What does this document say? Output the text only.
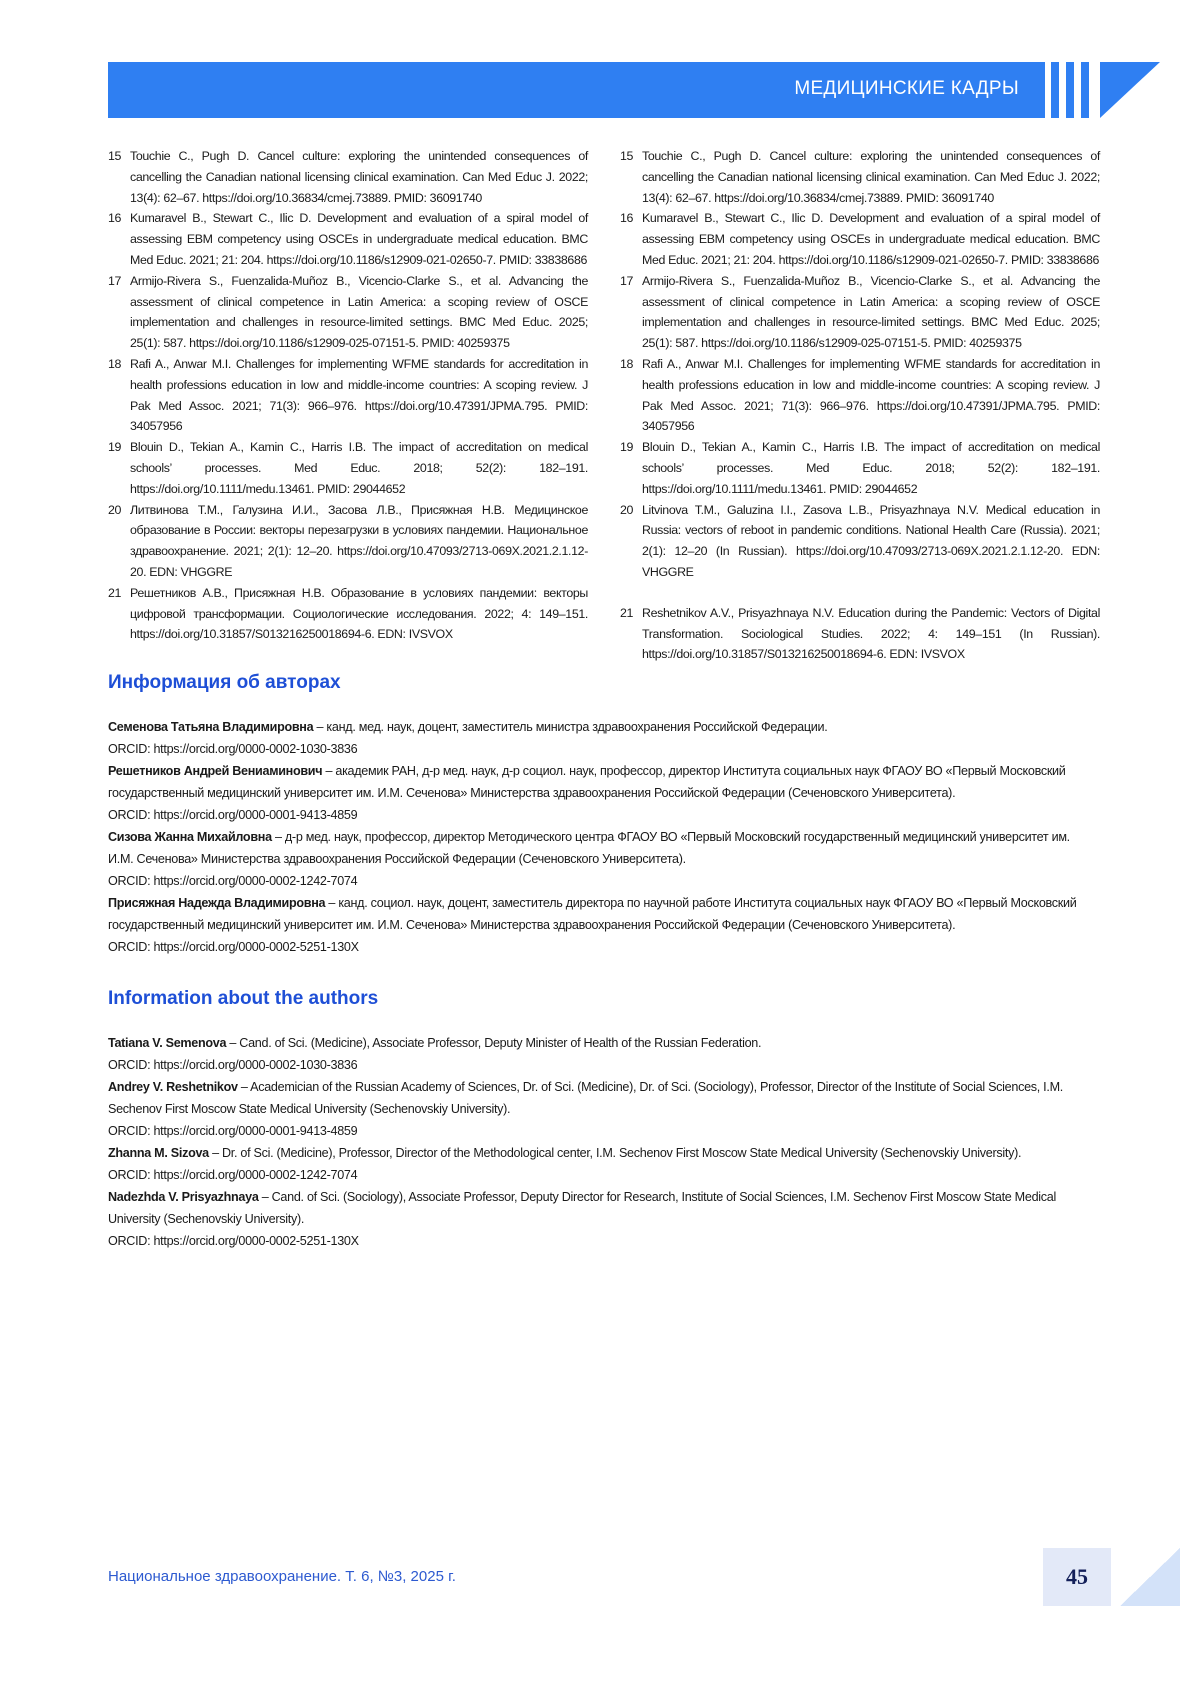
МЕДИЦИНСКИЕ КАДРЫ
15 Touchie C., Pugh D. Cancel culture: exploring the unintended consequences of cancelling the Canadian national licensing clinical examination. Can Med Educ J. 2022; 13(4): 62–67. https://doi.org/10.36834/cmej.73889. PMID: 36091740
16 Kumaravel B., Stewart C., Ilic D. Development and evaluation of a spiral model of assessing EBM competency using OSCEs in undergraduate medical education. BMC Med Educ. 2021; 21: 204. https://doi.org/10.1186/s12909-021-02650-7. PMID: 33838686
17 Armijo-Rivera S., Fuenzalida-Muñoz B., Vicencio-Clarke S., et al. Advancing the assessment of clinical competence in Latin America: a scoping review of OSCE implementation and challenges in resource-limited settings. BMC Med Educ. 2025; 25(1): 587. https://doi.org/10.1186/s12909-025-07151-5. PMID: 40259375
18 Rafi A., Anwar M.I. Challenges for implementing WFME standards for accreditation in health professions education in low and middle-income countries: A scoping review. J Pak Med Assoc. 2021; 71(3): 966–976. https://doi.org/10.47391/JPMA.795. PMID: 34057956
19 Blouin D., Tekian A., Kamin C., Harris I.B. The impact of accreditation on medical schools’ processes. Med Educ. 2018; 52(2): 182–191. https://doi.org/10.1111/medu.13461. PMID: 29044652
20 Литвинова Т.М., Галузина И.И., Засова Л.В., Присяжная Н.В. Медицинское образование в России: векторы перезагрузки в условиях пандемии. Национальное здравоохранение. 2021; 2(1): 12–20. https://doi.org/10.47093/2713-069X.2021.2.1.12-20. EDN: VHGGRE
21 Решетников А.В., Присяжная Н.В. Образование в условиях пандемии: векторы цифровой трансформации. Социологические исследования. 2022; 4: 149–151. https://doi.org/10.31857/S013216250018694-6. EDN: IVSVOX
15 Touchie C., Pugh D. Cancel culture: exploring the unintended consequences of cancelling the Canadian national licensing clinical examination. Can Med Educ J. 2022; 13(4): 62–67. https://doi.org/10.36834/cmej.73889. PMID: 36091740
16 Kumaravel B., Stewart C., Ilic D. Development and evaluation of a spiral model of assessing EBM competency using OSCEs in undergraduate medical education. BMC Med Educ. 2021; 21: 204. https://doi.org/10.1186/s12909-021-02650-7. PMID: 33838686
17 Armijo-Rivera S., Fuenzalida-Muñoz B., Vicencio-Clarke S., et al. Advancing the assessment of clinical competence in Latin America: a scoping review of OSCE implementation and challenges in resource-limited settings. BMC Med Educ. 2025; 25(1): 587. https://doi.org/10.1186/s12909-025-07151-5. PMID: 40259375
18 Rafi A., Anwar M.I. Challenges for implementing WFME standards for accreditation in health professions education in low and middle-income countries: A scoping review. J Pak Med Assoc. 2021; 71(3): 966–976. https://doi.org/10.47391/JPMA.795. PMID: 34057956
19 Blouin D., Tekian A., Kamin C., Harris I.B. The impact of accreditation on medical schools’ processes. Med Educ. 2018; 52(2): 182–191. https://doi.org/10.1111/medu.13461. PMID: 29044652
20 Litvinova T.M., Galuzina I.I., Zasova L.B., Prisyazhnaya N.V. Medical education in Russia: vectors of reboot in pandemic conditions. National Health Care (Russia). 2021; 2(1): 12–20 (In Russian). https://doi.org/10.47093/2713-069X.2021.2.1.12-20. EDN: VHGGRE
21 Reshetnikov A.V., Prisyazhnaya N.V. Education during the Pandemic: Vectors of Digital Transformation. Sociological Studies. 2022; 4: 149–151 (In Russian). https://doi.org/10.31857/S013216250018694-6. EDN: IVSVOX
Информация об авторах
Семенова Татьяна Владимировна – канд. мед. наук, доцент, заместитель министра здравоохранения Российской Федерации.
ORCID: https://orcid.org/0000-0002-1030-3836
Решетников Андрей Вениаминович – академик РАН, д-р мед. наук, д-р социол. наук, профессор, директор Института социальных наук ФГАОУ ВО «Первый Московский государственный медицинский университет им. И.М. Сеченова» Министерства здравоохранения Российской Федерации (Сеченовского Университета).
ORCID: https://orcid.org/0000-0001-9413-4859
Сизова Жанна Михайловна – д-р мед. наук, профессор, директор Методического центра ФГАОУ ВО «Первый Московский государственный медицинский университет им. И.М. Сеченова» Министерства здравоохранения Российской Федерации (Сеченовского Университета).
ORCID: https://orcid.org/0000-0002-1242-7074
Присяжная Надежда Владимировна – канд. социол. наук, доцент, заместитель директора по научной работе Института социальных наук ФГАОУ ВО «Первый Московский государственный медицинский университет им. И.М. Сеченова» Министерства здравоохранения Российской Федерации (Сеченовского Университета).
ORCID: https://orcid.org/0000-0002-5251-130X
Information about the authors
Tatiana V. Semenova – Cand. of Sci. (Medicine), Associate Professor, Deputy Minister of Health of the Russian Federation.
ORCID: https://orcid.org/0000-0002-1030-3836
Andrey V. Reshetnikov – Academician of the Russian Academy of Sciences, Dr. of Sci. (Medicine), Dr. of Sci. (Sociology), Professor, Director of the Institute of Social Sciences, I.M. Sechenov First Moscow State Medical University (Sechenovskiy University).
ORCID: https://orcid.org/0000-0001-9413-4859
Zhanna M. Sizova – Dr. of Sci. (Medicine), Professor, Director of the Methodological center, I.M. Sechenov First Moscow State Medical University (Sechenovskiy University).
ORCID: https://orcid.org/0000-0002-1242-7074
Nadezhda V. Prisyazhnaya – Cand. of Sci. (Sociology), Associate Professor, Deputy Director for Research, Institute of Social Sciences, I.M. Sechenov First Moscow State Medical University (Sechenovskiy University).
ORCID: https://orcid.org/0000-0002-5251-130X
Национальное здравоохранение. Т. 6, №3, 2025 г.	45
